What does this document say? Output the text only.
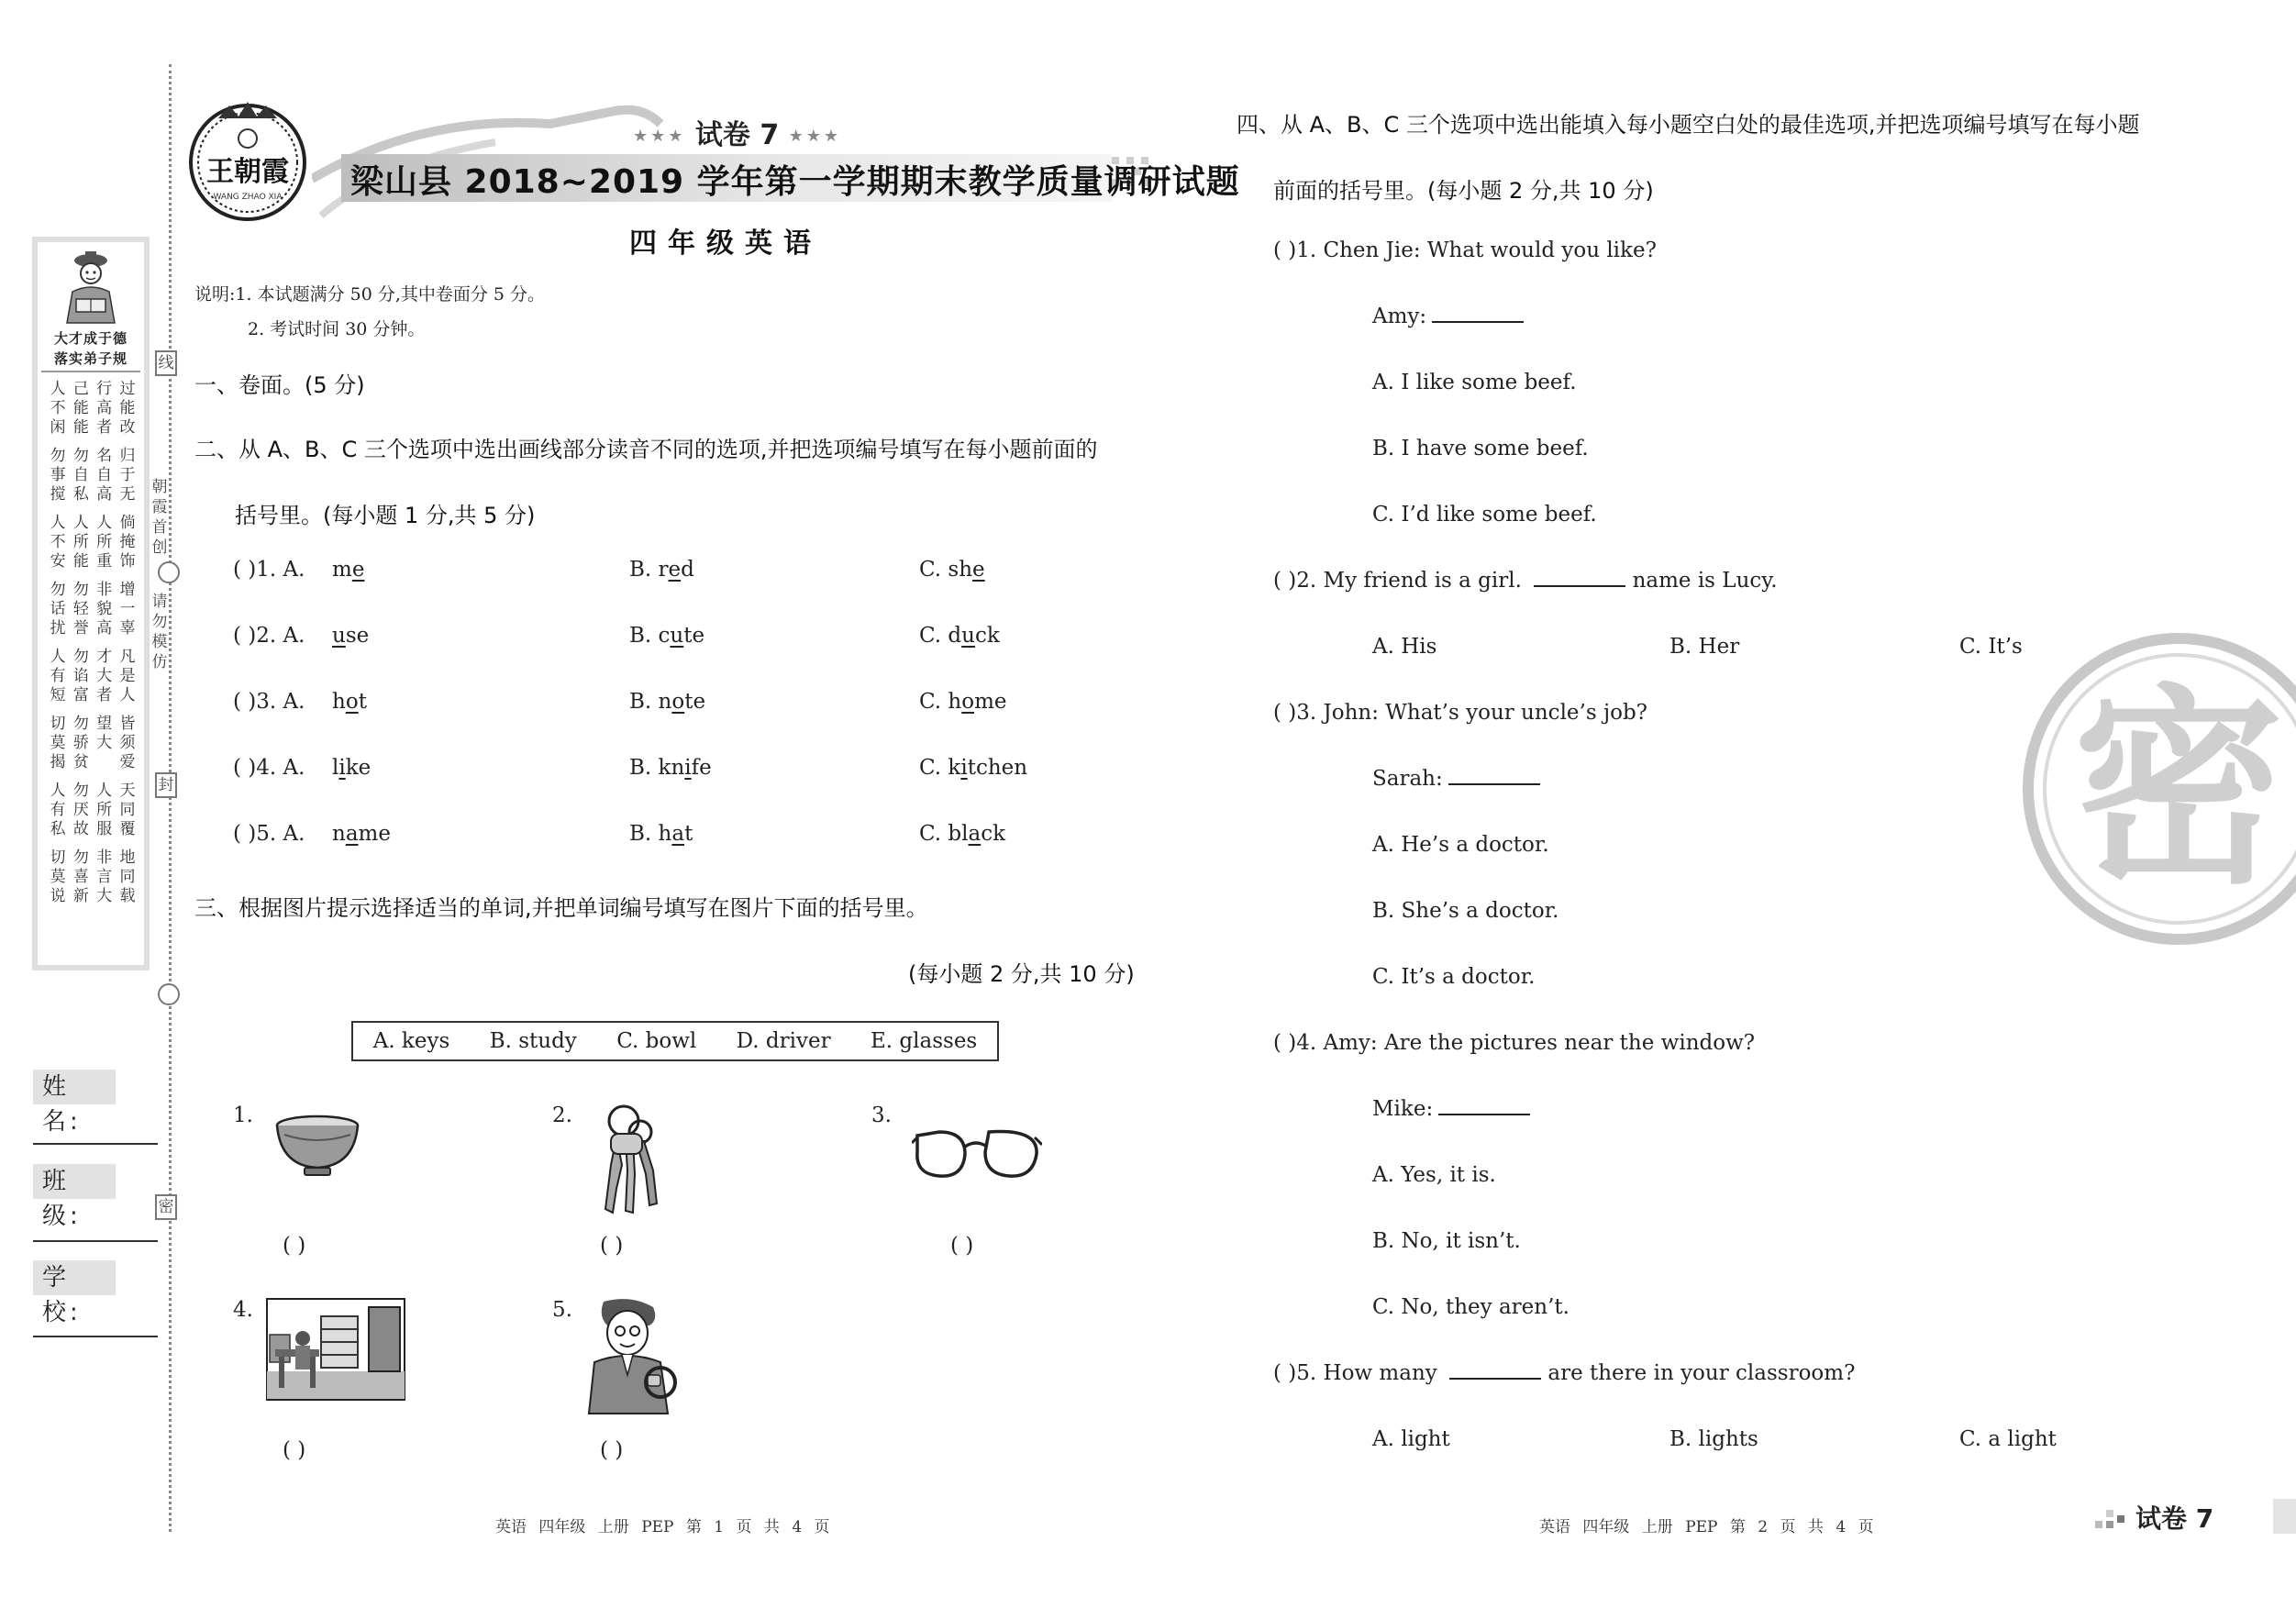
线
朝霞首创
请勿模仿
封
密
大才成于德
落实弟子规
人
不
闲
己
能
能
行
高
者
过
能
改
勿
事
搅
勿
自
私
名
自
高
归
于
无
人
不
安
人
所
能
人
所
重
倘
掩
饰
勿
话
扰
勿
轻
誉
非
貌
高
增
一
辜
人
有
短
勿
谄
富
才
大
者
凡
是
人
切
莫
揭
勿
骄
贫
望
大
皆
须
爱
人
有
私
勿
厌
故
人
所
服
天
同
覆
切
莫
说
勿
喜
新
非
言
大
地
同
载
姓 名:
班 级:
学 校:
王朝霞
WANG ZHAO XIA
★★★ 试卷 7 ★★★
梁山县 2018~2019 学年第一学期期末教学质量调研试题
四年级英语
说明:1. 本试题满分 50 分,其中卷面分 5 分。
2. 考试时间 30 分钟。
一、卷面。(5 分)
二、从 A、B、C 三个选项中选出画线部分读音不同的选项,并把选项编号填写在每小题前面的
括号里。(每小题 1 分,共 5 分)
( )1. A. me	B. red	C. she
( )2. A. use	B. cute	C. duck
( )3. A. hot	B. note	C. home
( )4. A. like	B. knife	C. kitchen
( )5. A. name	B. hat	C. black
三、根据图片提示选择适当的单词,并把单词编号填写在图片下面的括号里。
(每小题 2 分,共 10 分)
A. keys B. study C. bowl D. driver E. glasses
1.
( )
2.
( )
3.
( )
4.
( )
5.
( )
英语 四年级 上册 PEP 第 1 页 共 4 页
密
四、从 A、B、C 三个选项中选出能填入每小题空白处的最佳选项,并把选项编号填写在每小题
前面的括号里。(每小题 2 分,共 10 分)
( )1. Chen Jie: What would you like?
Amy:
A. I like some beef.
B. I have some beef.
C. I’d like some beef.
( )2. My friend is a girl.	name is Lucy.
A. His	B. Her	C. It’s
( )3. John: What’s your uncle’s job?
Sarah:
A. He’s a doctor.
B. She’s a doctor.
C. It’s a doctor.
( )4. Amy: Are the pictures near the window?
Mike:
A. Yes, it is.
B. No, it isn’t.
C. No, they aren’t.
( )5. How many	are there in your classroom?
A. light	B. lights	C. a light
英语 四年级 上册 PEP 第 2 页 共 4 页	试卷 7
